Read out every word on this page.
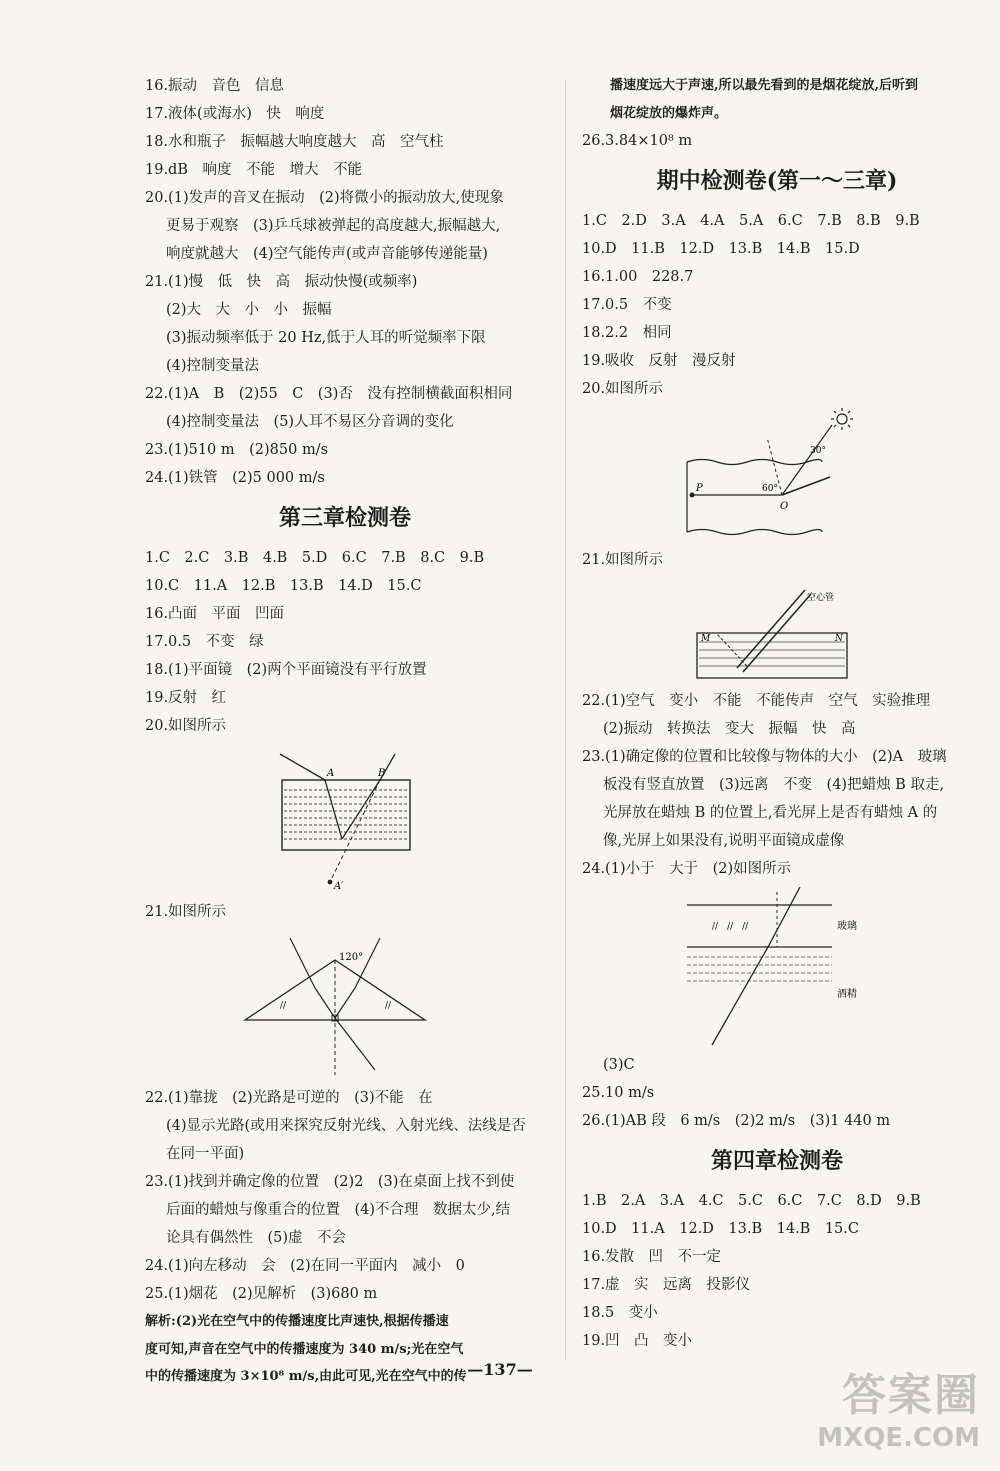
16.振动　音色　信息
17.液体(或海水)　快　响度
18.水和瓶子　振幅越大响度越大　高　空气柱
19.dB　响度　不能　增大　不能
20.(1)发声的音叉在振动　(2)将微小的振动放大,使现象
更易于观察　(3)乒乓球被弹起的高度越大,振幅越大,
响度就越大　(4)空气能传声(或声音能够传递能量)
21.(1)慢　低　快　高　振动快慢(或频率)
(2)大　大　小　小　振幅
(3)振动频率低于 20 Hz,低于人耳的听觉频率下限
(4)控制变量法
22.(1)A　B　(2)55　C　(3)否　没有控制横截面积相同
(4)控制变量法　(5)人耳不易区分音调的变化
23.(1)510 m　(2)850 m/s
24.(1)铁管　(2)5 000 m/s
第三章检测卷
1.C　2.C　3.B　4.B　5.D　6.C　7.B　8.C　9.B
10.C　11.A　12.B　13.B　14.D　15.C
16.凸面　平面　凹面
17.0.5　不变　绿
18.(1)平面镜　(2)两个平面镜没有平行放置
19.反射　红
20.如图所示
A	B
A′
21.如图所示
120°
//	//
22.(1)靠拢　(2)光路是可逆的　(3)不能　在
(4)显示光路(或用来探究反射光线、入射光线、法线是否
在同一平面)
23.(1)找到并确定像的位置　(2)2　(3)在桌面上找不到使
后面的蜡烛与像重合的位置　(4)不合理　数据太少,结
论具有偶然性　(5)虚　不会
24.(1)向左移动　会　(2)在同一平面内　减小　0
25.(1)烟花　(2)见解析　(3)680 m
解析:(2)光在空气中的传播速度比声速快,根据传播速
度可知,声音在空气中的传播速度为 340 m/s;光在空气
中的传播速度为 3×10⁸ m/s,由此可见,光在空气中的传
播速度远大于声速,所以最先看到的是烟花绽放,后听到
烟花绽放的爆炸声。
26.3.84×10⁸ m
期中检测卷(第一～三章)
1.C　2.D　3.A　4.A　5.A　6.C　7.B　8.B　9.B
10.D　11.B　12.D　13.B　14.B　15.D
16.1.00　228.7
17.0.5　不变
18.2.2　相同
19.吸收　反射　漫反射
20.如图所示
30°
60°
P
O
21.如图所示
空心管
M	N
22.(1)空气　变小　不能　不能传声　空气　实验推理
(2)振动　转换法　变大　振幅　快　高
23.(1)确定像的位置和比较像与物体的大小　(2)A　玻璃
板没有竖直放置　(3)远离　不变　(4)把蜡烛 B 取走,
光屏放在蜡烛 B 的位置上,看光屏上是否有蜡烛 A 的
像,光屏上如果没有,说明平面镜成虚像
24.(1)小于　大于　(2)如图所示
//　//　//	玻璃
酒精
(3)C
25.10 m/s
26.(1)AB 段　6 m/s　(2)2 m/s　(3)1 440 m
第四章检测卷
1.B　2.A　3.A　4.C　5.C　6.C　7.C　8.D　9.B
10.D　11.A　12.D　13.B　14.B　15.C
16.发散　凹　不一定
17.虚　实　远离　投影仪
18.5　变小
19.凹　凸　变小
—137—
答案圈
MXQE.COM
